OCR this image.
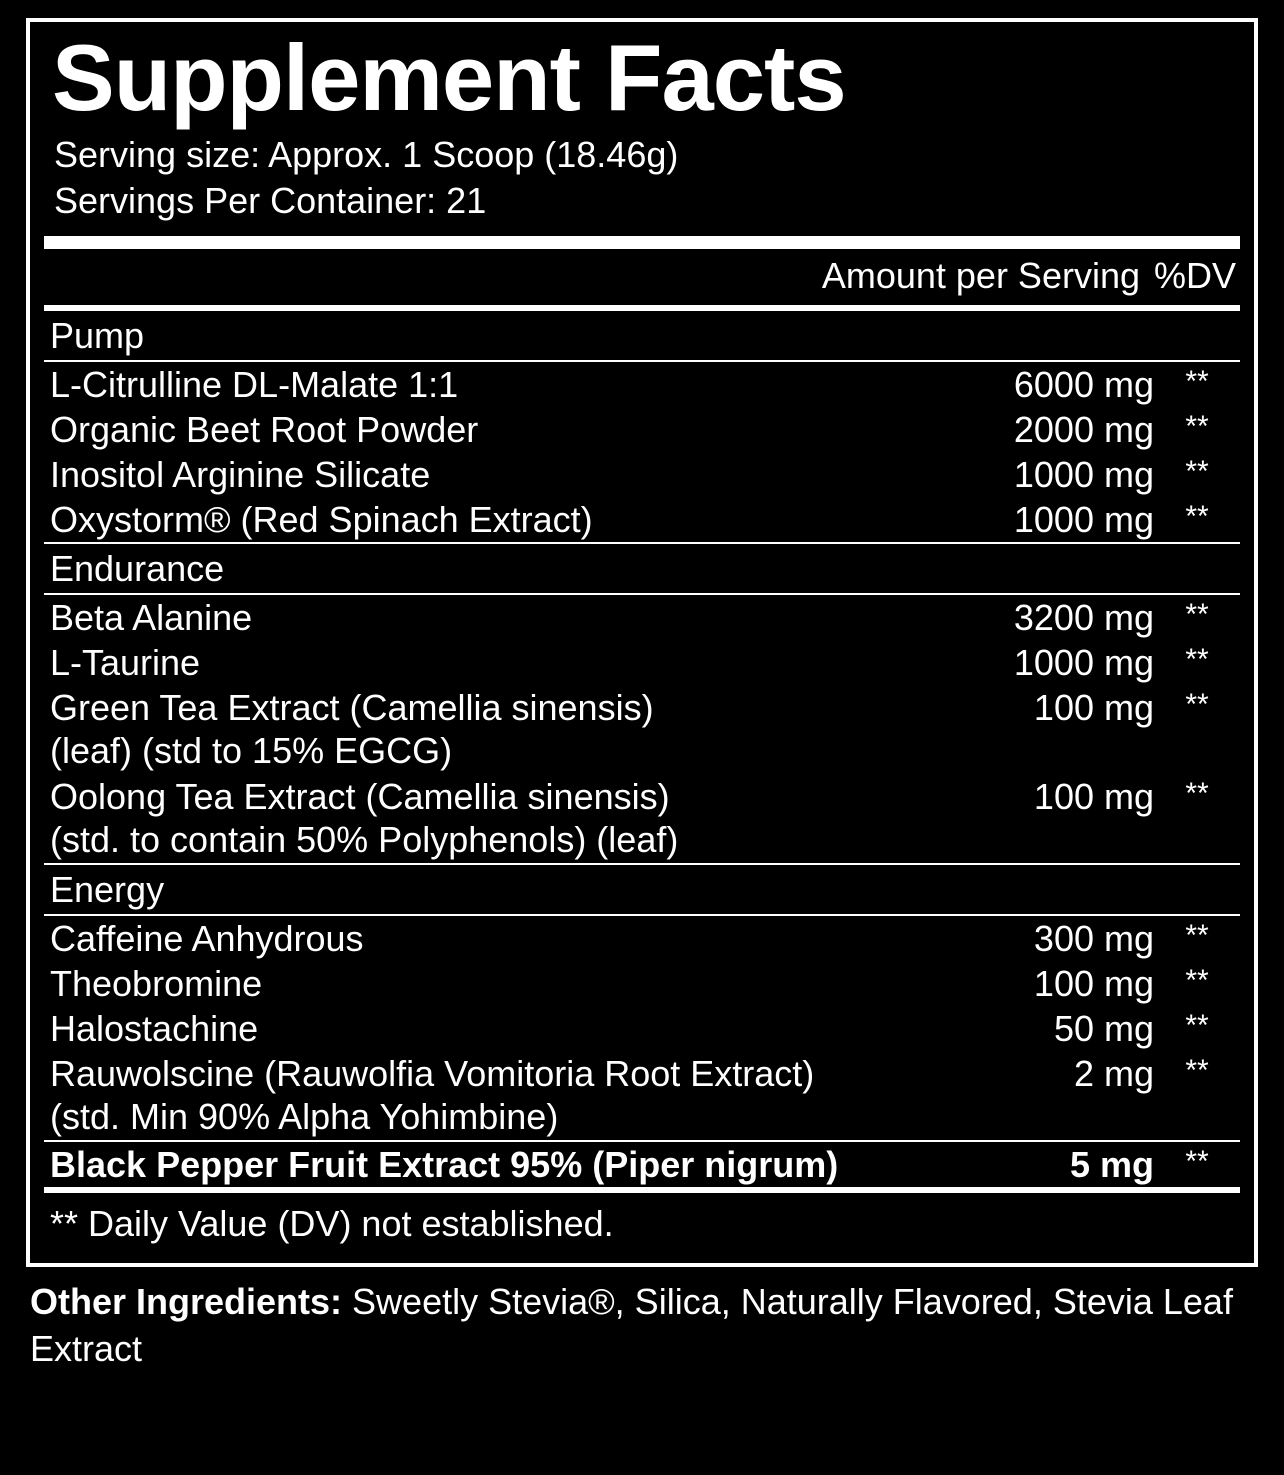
Supplement Facts
Serving size: Approx. 1 Scoop (18.46g)
Servings Per Container: 21
Amount per Serving %DV
Pump
L-Citrulline DL-Malate 1:1	6000 mg	**
Organic Beet Root Powder	2000 mg	**
Inositol Arginine Silicate	1000 mg	**
Oxystorm® (Red Spinach Extract)	1000 mg	**
Endurance
Beta Alanine	3200 mg	**
L-Taurine	1000 mg	**
Green Tea Extract (Camellia sinensis)	100 mg	**
(leaf) (std to 15% EGCG)
Oolong Tea Extract (Camellia sinensis)	100 mg	**
(std. to contain 50% Polyphenols) (leaf)
Energy
Caffeine Anhydrous	300 mg	**
Theobromine	100 mg	**
Halostachine	50 mg	**
Rauwolscine (Rauwolfia Vomitoria Root Extract)	2 mg	**
(std. Min 90% Alpha Yohimbine)
Black Pepper Fruit Extract 95% (Piper nigrum)	5 mg	**
** Daily Value (DV) not established.
Other Ingredients: Sweetly Stevia®, Silica, Naturally Flavored, Stevia Leaf Extract
